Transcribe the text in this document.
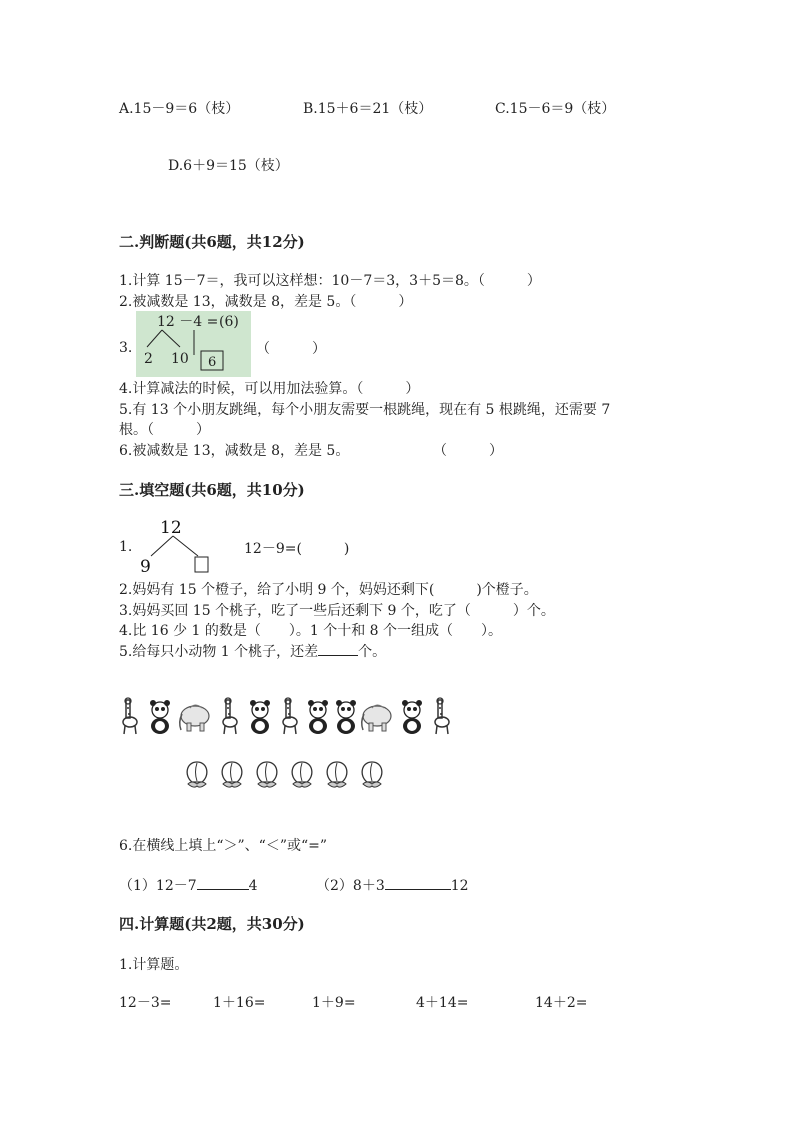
A.15－9＝6（枝）	B.15＋6＝21（枝）	C.15－6＝9（枝）
D.6＋9＝15（枝）
二.判断题(共6题，共12分)
1.计算 15－7＝，我可以这样想：10－7＝3，3＋5＝8。（　　　）
2.被减数是 13，减数是 8，差是 5。（　　　）
3.
12 －4 = (6)
2 10 6
（　　　）
4.计算减法的时候，可以用加法验算。（　　　）
5.有 13 个小朋友跳绳，每个小朋友需要一根跳绳，现在有 5 根跳绳，还需要 7
根。（　　　）
6.被减数是 13，减数是 8，差是 5。	（　　　）
三.填空题(共6题，共10分)
1.
12
9
12－9=(　　　)
2.妈妈有 15 个橙子，给了小明 9 个，妈妈还剩下(　　　)个橙子。
3.妈妈买回 15 个桃子，吃了一些后还剩下 9 个，吃了（　　　）个。
4.比 16 少 1 的数是（　　）。1 个十和 8 个一组成（　　）。
5.给每只小动物 1 个桃子，还差	个。
6.在横线上填上“＞”、“＜”或“=”
（1）12－7	4	（2）8＋3	12
四.计算题(共2题，共30分)
1.计算题。
12－3=	1＋16=	1＋9=	4＋14=	14＋2=
